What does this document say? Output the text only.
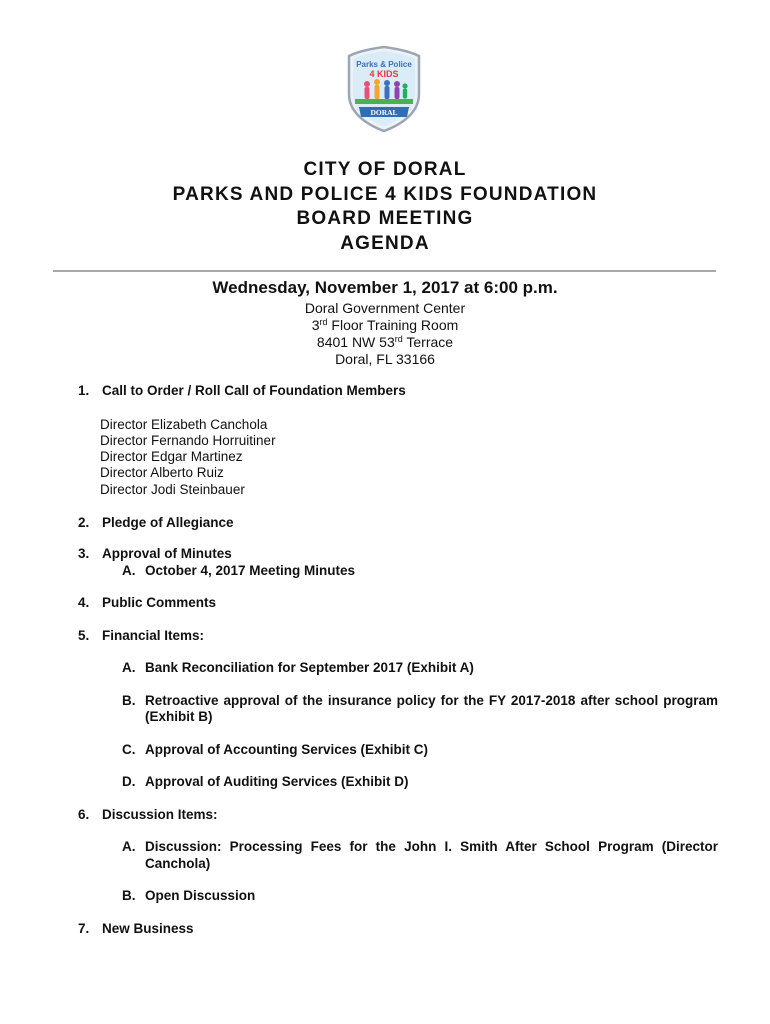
Parks & Police
4 KIDS
DORAL

CITY OF DORAL

PARKS AND POLICE 4 KIDS FOUNDATION

BOARD MEETING

AGENDA

Wednesday, November 1, 2017 at 6:00 p.m.

Doral Government Center

3rd Floor Training Room

8401 NW 53rd Terrace

Doral, FL 33166

1. Call to Order / Roll Call of Foundation Members
Director Elizabeth Canchola
Director Fernando Horruitiner
Director Edgar Martinez
Director Alberto Ruiz
Director Jodi Steinbauer
2. Pledge of Allegiance
3. Approval of Minutes
A. October 4, 2017 Meeting Minutes
4. Public Comments
5. Financial Items:
A. Bank Reconciliation for September 2017 (Exhibit A)
B. Retroactive approval of the insurance policy for the FY 2017-2018 after school program (Exhibit B)
C. Approval of Accounting Services (Exhibit C)
D. Approval of Auditing Services (Exhibit D)
6. Discussion Items:
A. Discussion: Processing Fees for the John I. Smith After School Program (Director Canchola)
B. Open Discussion
7. New Business
